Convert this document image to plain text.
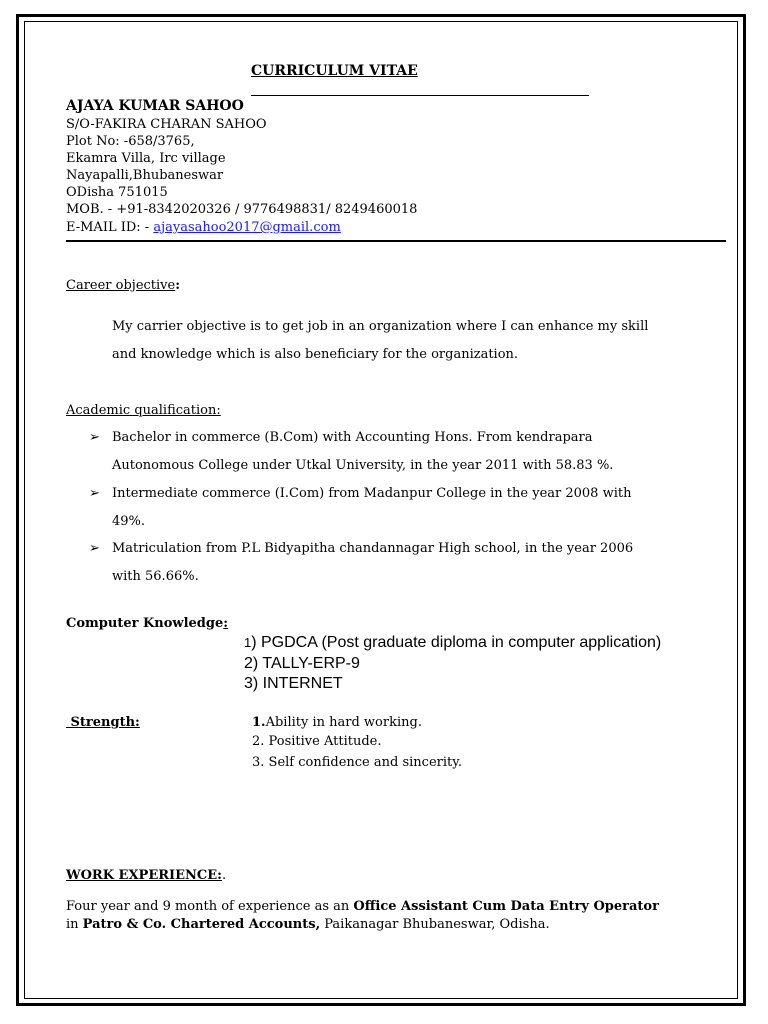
CURRICULUM VITAE
AJAYA KUMAR SAHOO
S/O-FAKIRA CHARAN SAHOO
Plot No: -658/3765,
Ekamra Villa, Irc village
Nayapalli,Bhubaneswar
ODisha 751015
MOB. - +91-8342020326 / 9776498831/ 8249460018
E-MAIL ID: - ajayasahoo2017@gmail.com
Career objective:
My carrier objective is to get job in an organization where I can enhance my skill
and knowledge which is also beneficiary for the organization.
Academic qualification:
➢ Bachelor in commerce (B.Com) with Accounting Hons. From kendrapara
Autonomous College under Utkal University, in the year 2011 with 58.83 %.
➢ Intermediate commerce (I.Com) from Madanpur College in the year 2008 with
49%.
➢ Matriculation from P.L Bidyapitha chandannagar High school, in the year 2006
with 56.66%.
Computer Knowledge:
1) PGDCA (Post graduate diploma in computer application)
2) TALLY-ERP-9
3) INTERNET
Strength:	1.Ability in hard working.
2. Positive Attitude.
3. Self confidence and sincerity.
WORK EXPERIENCE:.
Four year and 9 month of experience as an Office Assistant Cum Data Entry Operator
in Patro & Co. Chartered Accounts, Paikanagar Bhubaneswar, Odisha.
